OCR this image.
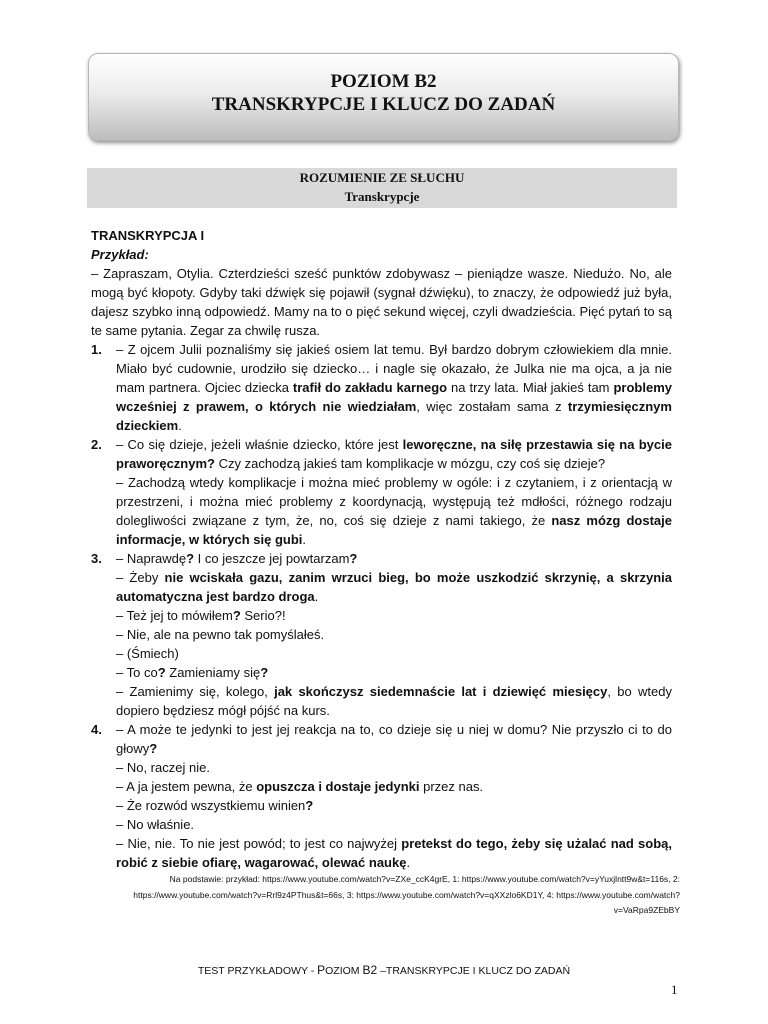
POZIOM B2
TRANSKRYPCJE I KLUCZ DO ZADAŃ
ROZUMIENIE ZE SŁUCHU
Transkrypcje

TRANSKRYPCJA I

Przykład:

– Zapraszam, Otylia. Czterdzieści sześć punktów zdobywasz – pieniądze wasze. Niedużo. No, ale mogą być kłopoty. Gdyby taki dźwięk się pojawił (sygnał dźwięku), to znaczy, że odpowiedź już była, dajesz szybko inną odpowiedź. Mamy na to o pięć sekund więcej, czyli dwadzieścia. Pięć pytań to są te same pytania. Zegar za chwilę rusza.

1. – Z ojcem Julii poznaliśmy się jakieś osiem lat temu. Był bardzo dobrym człowiekiem dla mnie. Miało być cudownie, urodziło się dziecko… i nagle się okazało, że Julka nie ma ojca, a ja nie mam partnera. Ojciec dziecka trafił do zakładu karnego na trzy lata. Miał jakieś tam problemy wcześniej z prawem, o których nie wiedziałam, więc zostałam sama z trzymiesięcznym dzieckiem.

2. – Co się dzieje, jeżeli właśnie dziecko, które jest leworęczne, na siłę przestawia się na bycie praworęcznym? Czy zachodzą jakieś tam komplikacje w mózgu, czy coś się dzieje?

– Zachodzą wtedy komplikacje i można mieć problemy w ogóle: i z czytaniem, i z orientacją w przestrzeni, i można mieć problemy z koordynacją, występują też mdłości, różnego rodzaju dolegliwości związane z tym, że, no, coś się dzieje z nami takiego, że nasz mózg dostaje informacje, w których się gubi.

3. – Naprawdę? I co jeszcze jej powtarzam?

– Żeby nie wciskała gazu, zanim wrzuci bieg, bo może uszkodzić skrzynię, a skrzynia automatyczna jest bardzo droga.

– Też jej to mówiłem? Serio?!

– Nie, ale na pewno tak pomyślałeś.

– (Śmiech)

– To co? Zamieniamy się?

– Zamienimy się, kolego, jak skończysz siedemnaście lat i dziewięć miesięcy, bo wtedy dopiero będziesz mógł pójść na kurs.

4. – A może te jedynki to jest jej reakcja na to, co dzieje się u niej w domu? Nie przyszło ci to do głowy?

– No, raczej nie.

– A ja jestem pewna, że opuszcza i dostaje jedynki przez nas.

– Że rozwód wszystkiemu winien?

– No właśnie.

– Nie, nie. To nie jest powód; to jest co najwyżej pretekst do tego, żeby się użalać nad sobą, robić z siebie ofiarę, wagarować, olewać naukę.

Na podstawie: przykład: https://www.youtube.com/watch?v=ZXe_ccK4grE, 1: https://www.youtube.com/watch?v=yYuxjlntt9w&t=116s, 2: https://www.youtube.com/watch?v=Rrl9z4PThus&t=66s, 3: https://www.youtube.com/watch?v=qXXzlo6KD1Y, 4: https://www.youtube.com/watch?v=VaRpa9ZEbBY
TEST PRZYKŁADOWY - POZIOM B2 –TRANSKRYPCJE I KLUCZ DO ZADAŃ
1
